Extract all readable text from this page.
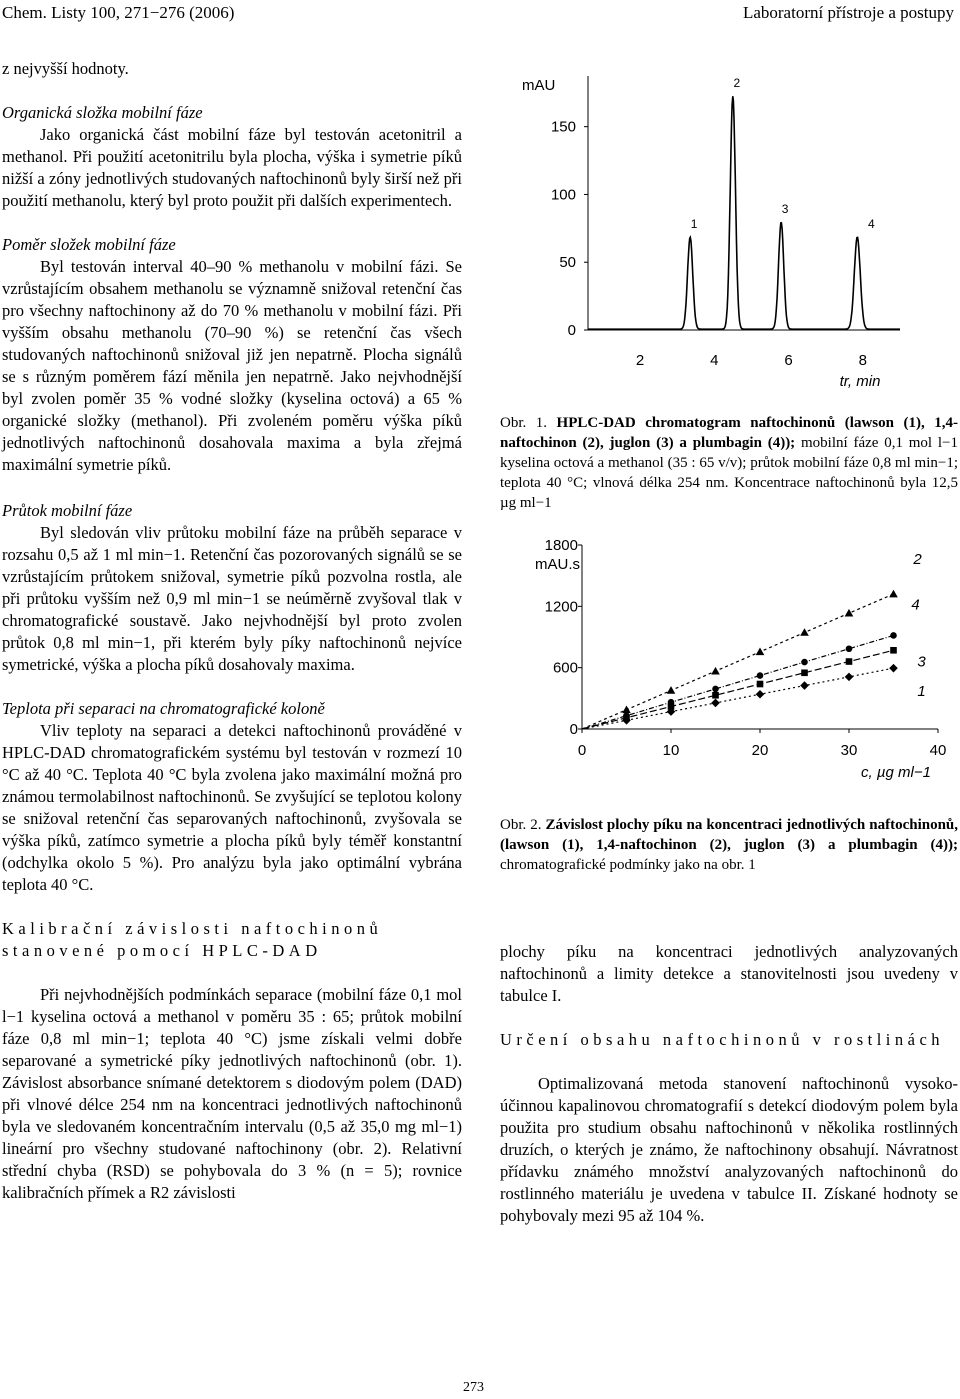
Chem. Listy 100, 271−276 (2006)	Laboratorní přístroje a postupy

z nejvyšší hodnoty.

Organická složka mobilní fáze

Jako organická část mobilní fáze byl testován acetonitril a methanol. Při použití acetonitrilu byla plocha, výška i symetrie píků nižší a zóny jednotlivých studovaných naftochinonů byly širší než při použití methanolu, který byl proto použit při dalších experimentech.

Poměr složek mobilní fáze

Byl testován interval 40–90 % methanolu v mobilní fázi. Se vzrůstajícím obsahem methanolu se významně snižoval retenční čas pro všechny naftochinony až do 70 % methanolu v mobilní fázi. Při vyšším obsahu methanolu (70–90 %) se retenční čas všech studovaných naftochinonů snižoval již jen nepatrně. Plocha signálů se s různým poměrem fází měnila jen nepatrně. Jako nejvhodnější byl zvolen poměr 35 % vodné složky (kyselina octová) a 65 % organické složky (methanol). Při zvoleném poměru výška píků jednotlivých naftochinonů dosahovala maxima a byla zřejmá maximální symetrie píků.

Průtok mobilní fáze

Byl sledován vliv průtoku mobilní fáze na průběh separace v rozsahu 0,5 až 1 ml min−1. Retenční čas pozorovaných signálů se se vzrůstajícím průtokem snižoval, symetrie píků pozvolna rostla, ale při průtoku vyšším než 0,9 ml min−1 se neúměrně zvyšoval tlak v chromatografické soustavě. Jako nejvhodnější byl proto zvolen průtok 0,8 ml min−1, při kterém byly píky naftochinonů nejvíce symetrické, výška a plocha píků dosahovaly maxima.

Teplota při separaci na chromatografické koloně

Vliv teploty na separaci a detekci naftochinonů prováděné v HPLC-DAD chromatografickém systému byl testován v rozmezí 10 °C až 40 °C. Teplota 40 °C byla zvolena jako maximální možná pro známou termolabilnost naftochinonů. Se zvyšující se teplotou kolony se snižoval retenční čas separovaných naftochinonů, zvyšovala se výška píků, zatímco symetrie a plocha píků byly téměř konstantní (odchylka okolo 5 %). Pro analýzu byla jako optimální vybrána teplota 40 °C.

Kalibrační závislosti naftochinonů stanovené pomocí HPLC-DAD

Při nejvhodnějších podmínkách separace (mobilní fáze 0,1 mol l−1 kyselina octová a methanol v poměru 35 : 65; průtok mobilní fáze 0,8 ml min−1; teplota 40 °C) jsme získali velmi dobře separované a symetrické píky jednotlivých naftochinonů (obr. 1). Závislost absorbance snímané detektorem s diodovým polem (DAD) při vlnové délce 254 nm na koncentraci jednotlivých naftochinonů byla ve sledovaném koncentračním intervalu (0,5 až 35,0 mg ml−1) lineární pro všechny studované naftochinony (obr. 2). Relativní střední chyba (RSD) se pohybovala do 3 % (n = 5); rovnice kalibračních přímek a R2 závislosti

mAU
0
50
100
150
2	4	6	8
tr, min
1
2
3
4

Obr. 1. HPLC-DAD chromatogram naftochinonů (lawson (1), 1,4-naftochinon (2), juglon (3) a plumbagin (4)); mobilní fáze 0,1 mol l−1 kyselina octová a methanol (35 : 65 v/v); průtok mobilní fáze 0,8 ml min−1; teplota 40 °C; vlnová délka 254 nm. Koncentrace naftochinonů byla 12,5 µg ml−1

0
600
1200
1800
mAU.s
0	10	20	30	40
c, µg ml−1
1
3
4
2

Obr. 2. Závislost plochy píku na koncentraci jednotlivých naftochinonů, (lawson (1), 1,4-naftochinon (2), juglon (3) a plumbagin (4)); chromatografické podmínky jako na obr. 1

plochy píku na koncentraci jednotlivých analyzovaných naftochinonů a limity detekce a stanovitelnosti jsou uvedeny v tabulce I.

Určení obsahu naftochinonů v rostlinách

Optimalizovaná metoda stanovení naftochinonů vysokoúčinnou kapalinovou chromatografií s detekcí diodovým polem byla použita pro studium obsahu naftochinonů v několika rostlinných druzích, o kterých je známo, že naftochinony obsahují. Návratnost přídavku známého množství analyzovaných naftochinonů do rostlinného materiálu je uvedena v tabulce II. Získané hodnoty se pohybovaly mezi 95 až 104 %.

273
